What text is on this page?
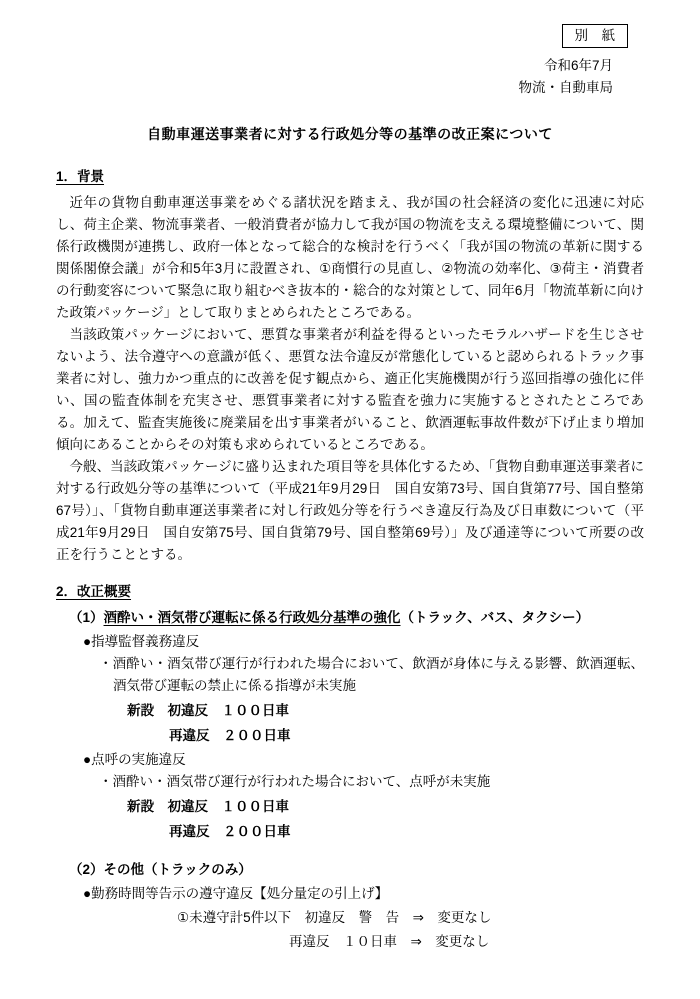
別　紙
令和6年7月
物流・自動車局
自動車運送事業者に対する行政処分等の基準の改正案について
1．背景

近年の貨物自動車運送事業をめぐる諸状況を踏まえ、我が国の社会経済の変化に迅速に対応し、荷主企業、物流事業者、一般消費者が協力して我が国の物流を支える環境整備について、関係行政機関が連携し、政府一体となって総合的な検討を行うべく「我が国の物流の革新に関する関係閣僚会議」が令和5年3月に設置され、①商慣行の見直し、②物流の効率化、③荷主・消費者の行動変容について緊急に取り組むべき抜本的・総合的な対策として、同年6月「物流革新に向けた政策パッケージ」として取りまとめられたところである。

当該政策パッケージにおいて、悪質な事業者が利益を得るといったモラルハザードを生じさせないよう、法令遵守への意識が低く、悪質な法令違反が常態化していると認められるトラック事業者に対し、強力かつ重点的に改善を促す観点から、適正化実施機関が行う巡回指導の強化に伴い、国の監査体制を充実させ、悪質事業者に対する監査を強力に実施するとされたところである。加えて、監査実施後に廃業届を出す事業者がいること、飲酒運転事故件数が下げ止まり増加傾向にあることからその対策も求められているところである。

今般、当該政策パッケージに盛り込まれた項目等を具体化するため、「貨物自動車運送事業者に対する行政処分等の基準について（平成21年9月29日　国自安第73号、国自貨第77号、国自整第67号）」、「貨物自動車運送事業者に対し行政処分等を行うべき違反行為及び日車数について（平成21年9月29日　国自安第75号、国自貨第79号、国自整第69号）」及び通達等について所要の改正を行うこととする。

2．改正概要
（1）酒酔い・酒気帯び運転に係る行政処分基準の強化（トラック、バス、タクシー）
●指導監督義務違反
・酒酔い・酒気帯び運行が行われた場合において、飲酒が身体に与える影響、飲酒運転、酒気帯び運転の禁止に係る指導が未実施
新設　初違反　１００日車
再違反　２００日車
●点呼の実施違反
・酒酔い・酒気帯び運行が行われた場合において、点呼が未実施
新設　初違反　１００日車
再違反　２００日車
（2）その他（トラックのみ）
●勤務時間等告示の遵守違反【処分量定の引上げ】
①未遵守計5件以下　初違反　警　告　⇒　変更なし
再違反　１０日車　⇒　変更なし
